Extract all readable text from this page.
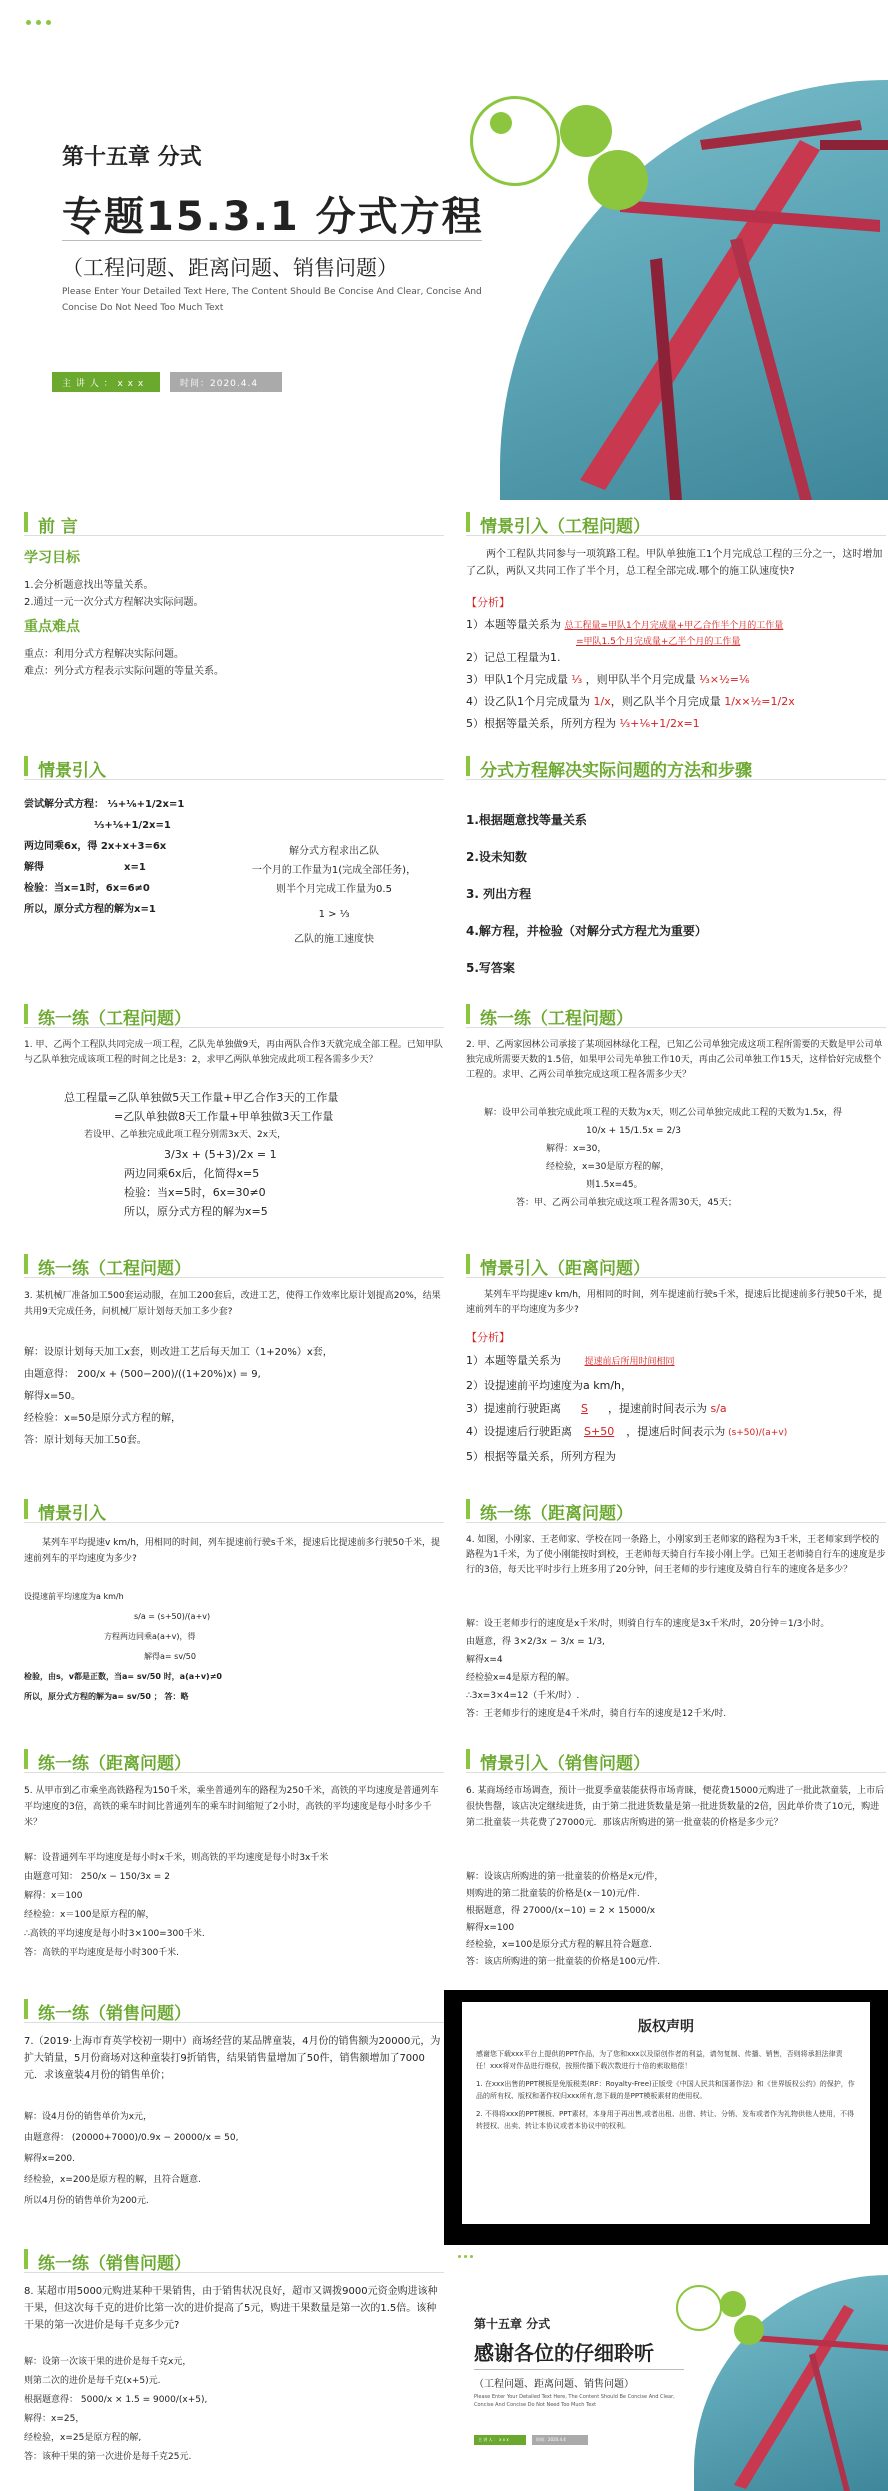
第十五章 分式
专题15.3.1 分式方程
（工程问题、距离问题、销售问题）
Please Enter Your Detailed Text Here, The Content Should Be Concise And Clear, Concise And Concise Do Not Need Too Much Text
主 讲 人 ： x x x	时间：2020.4.4
前 言
学习目标
1.会分析题意找出等量关系。
2.通过一元一次分式方程解决实际问题。
重点难点
重点：利用分式方程解决实际问题。
难点：列分式方程表示实际问题的等量关系。
情景引入（工程问题）
两个工程队共同参与一项筑路工程。甲队单独施工1个月完成总工程的三分之一，这时增加了乙队，两队又共同工作了半个月，总工程全部完成.哪个的施工队速度快?
【分析】
1）本题等量关系为 总工程量=甲队1个月完成量+甲乙合作半个月的工作量
=甲队1.5个月完成量+乙半个月的工作量
2）记总工程量为1.
3）甲队1个月完成量 ⅓ ，则甲队半个月完成量 ⅓×½=⅙
4）设乙队1个月完成量为 1/x，则乙队半个月完成量 1/x×½=1/2x
5）根据等量关系，所列方程为 ⅓+⅙+1/2x=1
情景引入
尝试解分式方程： ⅓+⅙+1/2x=1
⅓+⅙+1/2x=1
两边同乘6x，得 2x+x+3=6x
解得	x=1
检验：当x=1时，6x=6≠0
所以，原分式方程的解为x=1
解分式方程求出乙队
一个月的工作量为1(完成全部任务)，
则半个月完成工作量为0.5
1 > ⅓
乙队的施工速度快
分式方程解决实际问题的方法和步骤
1.根据题意找等量关系
2.设未知数
3. 列出方程
4.解方程，并检验（对解分式方程尤为重要）
5.写答案
练一练（工程问题）
1. 甲、乙两个工程队共同完成一项工程，乙队先单独做9天，再由两队合作3天就完成全部工程。已知甲队与乙队单独完成该项工程的时间之比是3：2，求甲乙两队单独完成此项工程各需多少天？
总工程量=乙队单独做5天工作量+甲乙合作3天的工作量
=乙队单独做8天工作量+甲单独做3天工作量
若设甲、乙单独完成此项工程分别需3x天、2x天，
3/3x + (5+3)/2x = 1
两边同乘6x后，化简得x=5
检验：当x=5时，6x=30≠0
所以，原分式方程的解为x=5
练一练（工程问题）
2. 甲、乙两家园林公司承接了某项园林绿化工程，已知乙公司单独完成这项工程所需要的天数是甲公司单独完成所需要天数的1.5倍，如果甲公司先单独工作10天，再由乙公司单独工作15天，这样恰好完成整个工程的。求甲、乙两公司单独完成这项工程各需多少天？
解：设甲公司单独完成此项工程的天数为x天，则乙公司单独完成此工程的天数为1.5x，得
10/x + 15/1.5x = 2/3
解得：x=30，
经检验，x=30是原方程的解，
则1.5x=45。
答：甲、乙两公司单独完成这项工程各需30天，45天；
练一练（工程问题）
3. 某机械厂准备加工500套运动服，在加工200套后，改进工艺，使得工作效率比原计划提高20%，结果共用9天完成任务，问机械厂原计划每天加工多少套?
解：设原计划每天加工x套，则改进工艺后每天加工（1+20%）x套，
由题意得： 200/x + (500−200)/((1+20%)x) = 9,
解得x=50。
经检验：x=50是原分式方程的解，
答：原计划每天加工50套。
情景引入（距离问题）
某列车平均提速v km/h，用相同的时间，列车提速前行驶s千米，提速后比提速前多行驶50千米，提速前列车的平均速度为多少?
【分析】
1）本题等量关系为	提速前后所用时间相同
2）设提速前平均速度为a km/h，
3）提速前行驶距离 S ，提速前时间表示为 s/a
4）设提速后行驶距离 S+50 ，提速后时间表示为 (s+50)/(a+v)
5）根据等量关系，所列方程为
情景引入
某列车平均提速v km/h，用相同的时间，列车提速前行驶s千米，提速后比提速前多行驶50千米，提速前列车的平均速度为多少?
设提速前平均速度为a km/h
s/a = (s+50)/(a+v)
方程两边同乘a(a+v)，得
解得a= sv/50
检验，由s，v都是正数，当a= sv/50 时，a(a+v)≠0
所以，原分式方程的解为a= sv/50 ； 答：略
练一练（距离问题）
4. 如图，小刚家、王老师家、学校在同一条路上，小刚家到王老师家的路程为3千米，王老师家到学校的路程为1千米，为了使小刚能按时到校，王老师每天骑自行车接小刚上学。已知王老师骑自行车的速度是步行的3倍，每天比平时步行上班多用了20分钟，问王老师的步行速度及骑自行车的速度各是多少？
解：设王老师步行的速度是x千米/时，则骑自行车的速度是3x千米/时，20分钟＝1/3小时。
由题意，得 3×2/3x − 3/x = 1/3,
解得x=4
经检验x=4是原方程的解。
∴3x=3×4=12（千米/时）.
答：王老师步行的速度是4千米/时，骑自行车的速度是12千米/时.
练一练（距离问题）
5. 从甲市到乙市乘坐高铁路程为150千米，乘坐普通列车的路程为250千米，高铁的平均速度是普通列车平均速度的3倍，高铁的乘车时间比普通列车的乘车时间缩短了2小时，高铁的平均速度是每小时多少千米？
解：设普通列车平均速度是每小时x千米，则高铁的平均速度是每小时3x千米
由题意可知： 250/x − 150/3x = 2
解得：x＝100
经检验：x＝100是原方程的解，
∴高铁的平均速度是每小时3×100=300千米.
答：高铁的平均速度是每小时300千米.
情景引入（销售问题）
6. 某商场经市场调查，预计一批夏季童装能获得市场青睐，便花费15000元购进了一批此款童装，上市后很快售罄，该店决定继续进货，由于第二批进货数量是第一批进货数量的2倍，因此单价贵了10元，购进第二批童装一共花费了27000元．那该店所购进的第一批童装的价格是多少元？
解：设该店所购进的第一批童装的价格是x元/件，
则购进的第二批童装的价格是(x－10)元/件.
根据题意，得 27000/(x−10) = 2 × 15000/x
解得x=100
经检验，x=100是原分式方程的解且符合题意.
答：该店所购进的第一批童装的价格是100元/件.
练一练（销售问题）
7.（2019·上海市育英学校初一期中）商场经营的某品牌童装，4月份的销售额为20000元，为扩大销量，5月份商场对这种童装打9折销售，结果销售量增加了50件，销售额增加了7000元．求该童装4月份的销售单价；
解：设4月份的销售单价为x元，
由题意得： (20000+7000)/0.9x − 20000/x = 50,
解得x=200.
经检验，x=200是原方程的解，且符合题意.
所以4月份的销售单价为200元.
版权声明
感谢您下载xxx平台上提供的PPT作品，为了您和xxx以及原创作者的利益，请勿复制、传播、销售，否则将承担法律责任！xxx将对作品进行维权，按照传播下载次数进行十倍的索取赔偿！
1. 在xxx出售的PPT模板是免版税类(RF：Royalty-Free)正版受《中国人民共和国著作法》和《世界版权公约》的保护，作品的所有权、版权和著作权归xxx所有,您下载的是PPT模板素材的使用权。
2. 不得将xxx的PPT模板、PPT素材，本身用于再出售,或者出租、出借、转让、分销、发布或者作为礼物供他人使用，不得转授权、出卖、转让本协议或者本协议中的权利。
练一练（销售问题）
8. 某超市用5000元购进某种干果销售，由于销售状况良好，超市又调拨9000元资金购进该种干果，但这次每千克的进价比第一次的进价提高了5元，购进干果数量是第一次的1.5倍。该种干果的第一次进价是每千克多少元?
解：设第一次该干果的进价是每千克x元，
则第二次的进价是每千克(x+5)元.
根据题意得： 5000/x × 1.5 = 9000/(x+5),
解得：x=25，
经检验，x=25是原方程的解,
答：该种干果的第一次进价是每千克25元.
第十五章 分式
感谢各位的仔细聆听
（工程问题、距离问题、销售问题）
Please Enter Your Detailed Text Here, The Content Should Be Concise And Clear, Concise And Concise Do Not Need Too Much Text
主 讲 人 ： x x x	时间：2020.4.4
